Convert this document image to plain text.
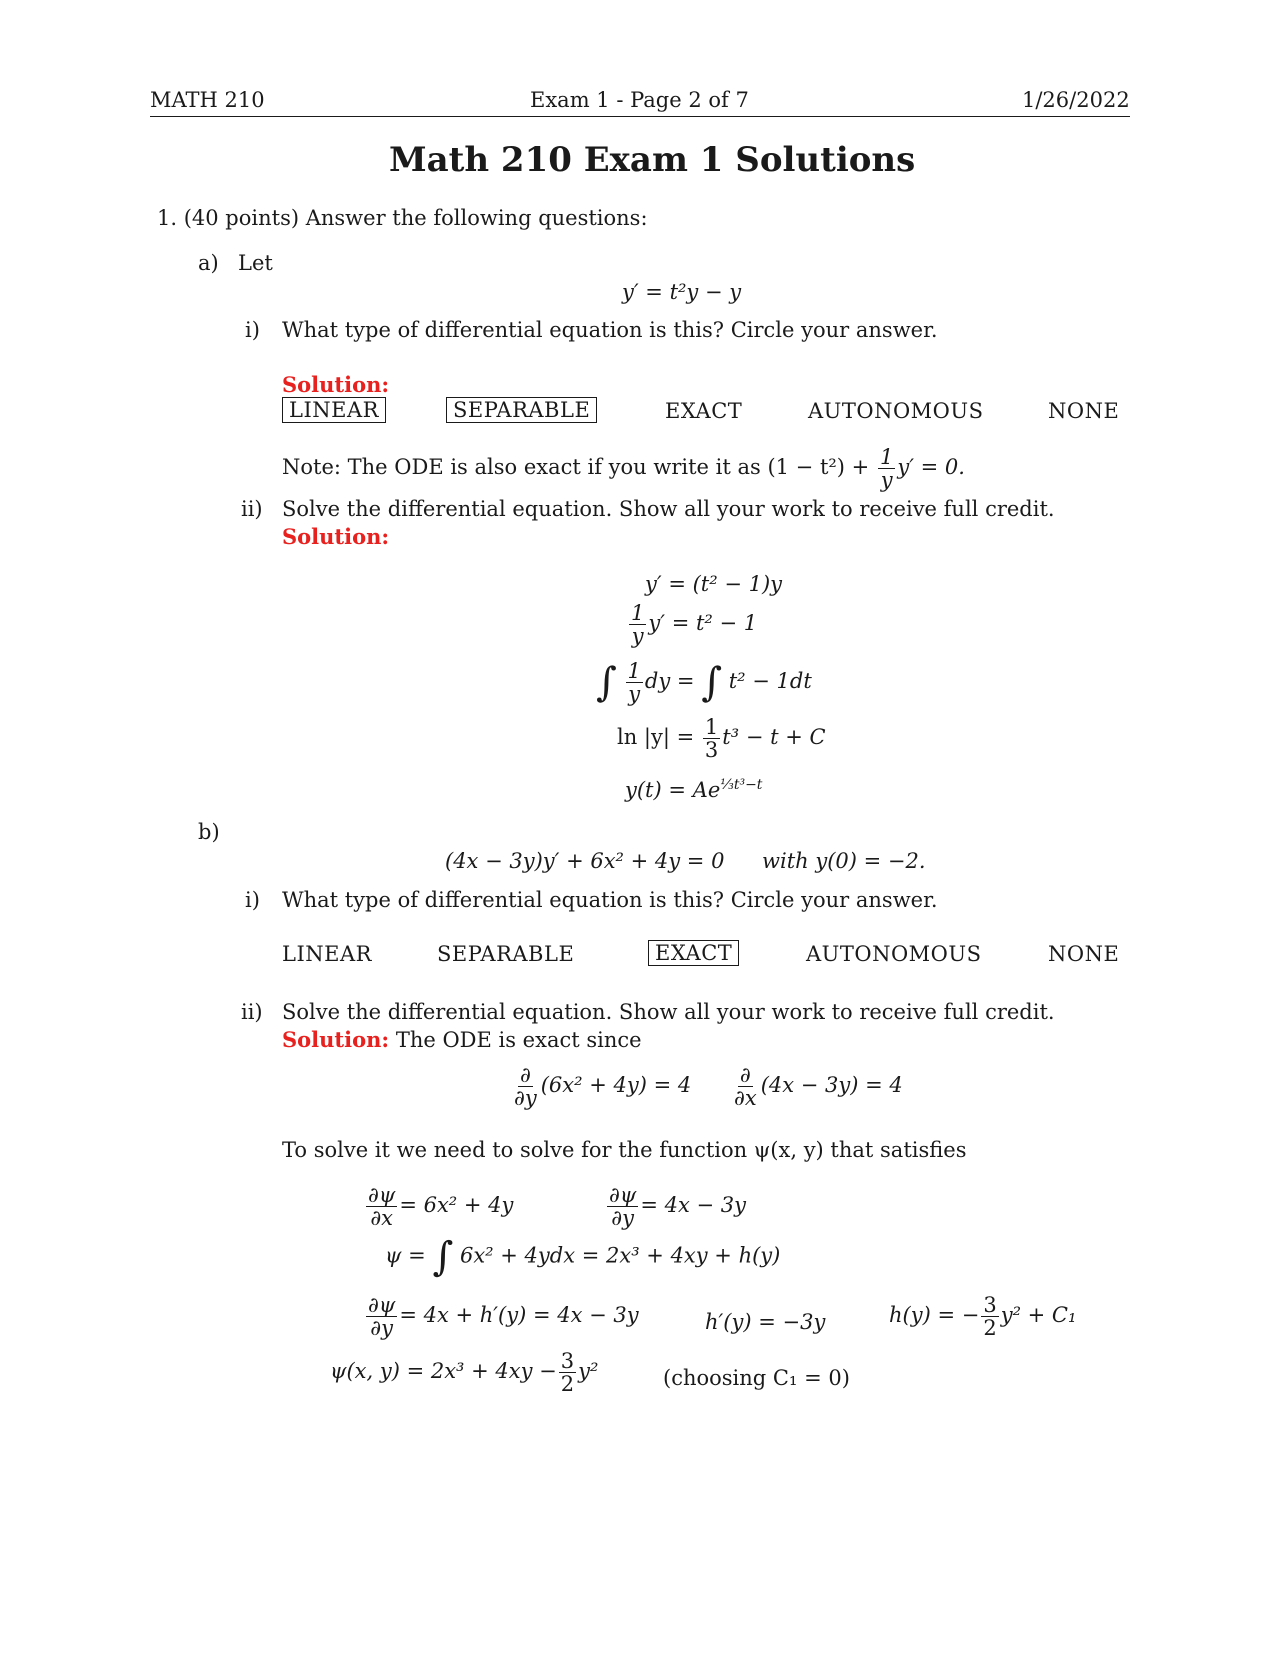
MATH 210	Exam 1 - Page 2 of 7	1/26/2022
Math 210 Exam 1 Solutions
1. (40 points) Answer the following questions:
a) Let
y′ = t²y − y
i) What type of differential equation is this? Circle your answer.
Solution:
LINEAR	SEPARABLE	EXACT	AUTONOMOUS	NONE
Note: The ODE is also exact if you write it as $(1 - t^2) + \frac{1}{y} y' = 0$.
ii) Solve the differential equation. Show all your work to receive full credit.
Solution:
y′ = (t² − 1)y
$\frac{1}{y} y' = t^2 - 1$
∫ $\frac{1}{y}$ dy = ∫ t² − 1dt
$\ln |y| = \frac{1}{3} t^3 - t + C$
$y(t) = Ae^{\frac{1}{3}t^3-t}$
b)
(4x − 3y)y′ + 6x² + 4y = 0 with y(0) = −2.
i) What type of differential equation is this? Circle your answer.
LINEAR	SEPARABLE	EXACT	AUTONOMOUS	NONE
ii) Solve the differential equation. Show all your work to receive full credit.
Solution: The ODE is exact since
$\frac{\partial}{\partial y} (6x^2 + 4y) = 4 \frac{\partial}{\partial x} (4x - 3y) = 4$
To solve it we need to solve for the function ψ(x, y) that satisfies
$\frac{\partial\psi}{\partial x} = 6x^2 + 4y$	$\frac{\partial\psi}{\partial y} = 4x - 3y$
ψ = ∫ 6x² + 4ydx = 2x³ + 4xy + h(y)
$\frac{\partial\psi}{\partial y} = 4x + h'(y) = 4x - 3y$	h′(y) = −3y	h(y) = − $\frac{3}{2} y^2 + C_1$
ψ(x, $y) = 2x^3 + 4xy - \frac{3}{2} y^2$	(choosing C₁ = 0)
